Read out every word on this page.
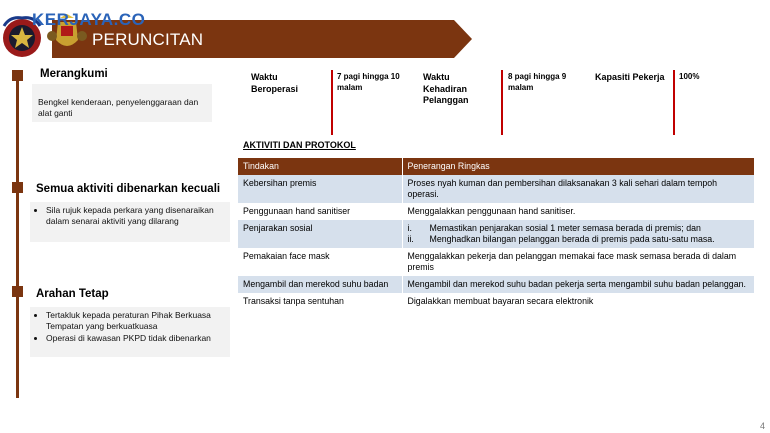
PERUNCITAN
KERJAYA.CO
Merangkumi
Bengkel kenderaan, penyelenggaraan dan alat ganti
Semua aktiviti dibenarkan kecuali
• Sila rujuk kepada perkara yang disenaraikan dalam senarai aktiviti yang dilarang
Arahan Tetap
• Tertakluk kepada peraturan Pihak Berkuasa Tempatan yang berkuatkuasa
• Operasi di kawasan PKPD tidak dibenarkan
Waktu Beroperasi
7 pagi hingga 10 malam
Waktu Kehadiran Pelanggan
8 pagi hingga 9 malam
Kapasiti Pekerja	100%
AKTIVITI DAN PROTOKOL
Tindakan	Penerangan Ringkas
Kebersihan premis	Proses nyah kuman dan pembersihan dilaksanakan 3 kali sehari dalam tempoh operasi.
Penggunaan hand sanitiser	Menggalakkan penggunaan hand sanitiser.
Penjarakan sosial	i. Memastikan penjarakan sosial 1 meter semasa berada di premis; dan
ii. Menghadkan bilangan pelanggan berada di premis pada satu-satu masa.

Pemakaian face mask	Menggalakkan pekerja dan pelanggan memakai face mask semasa berada di dalam premis
Mengambil dan merekod suhu badan	Mengambil dan merekod suhu badan pekerja serta mengambil suhu badan pelanggan.
Transaksi tanpa sentuhan	Digalakkan membuat bayaran secara elektronik
4
